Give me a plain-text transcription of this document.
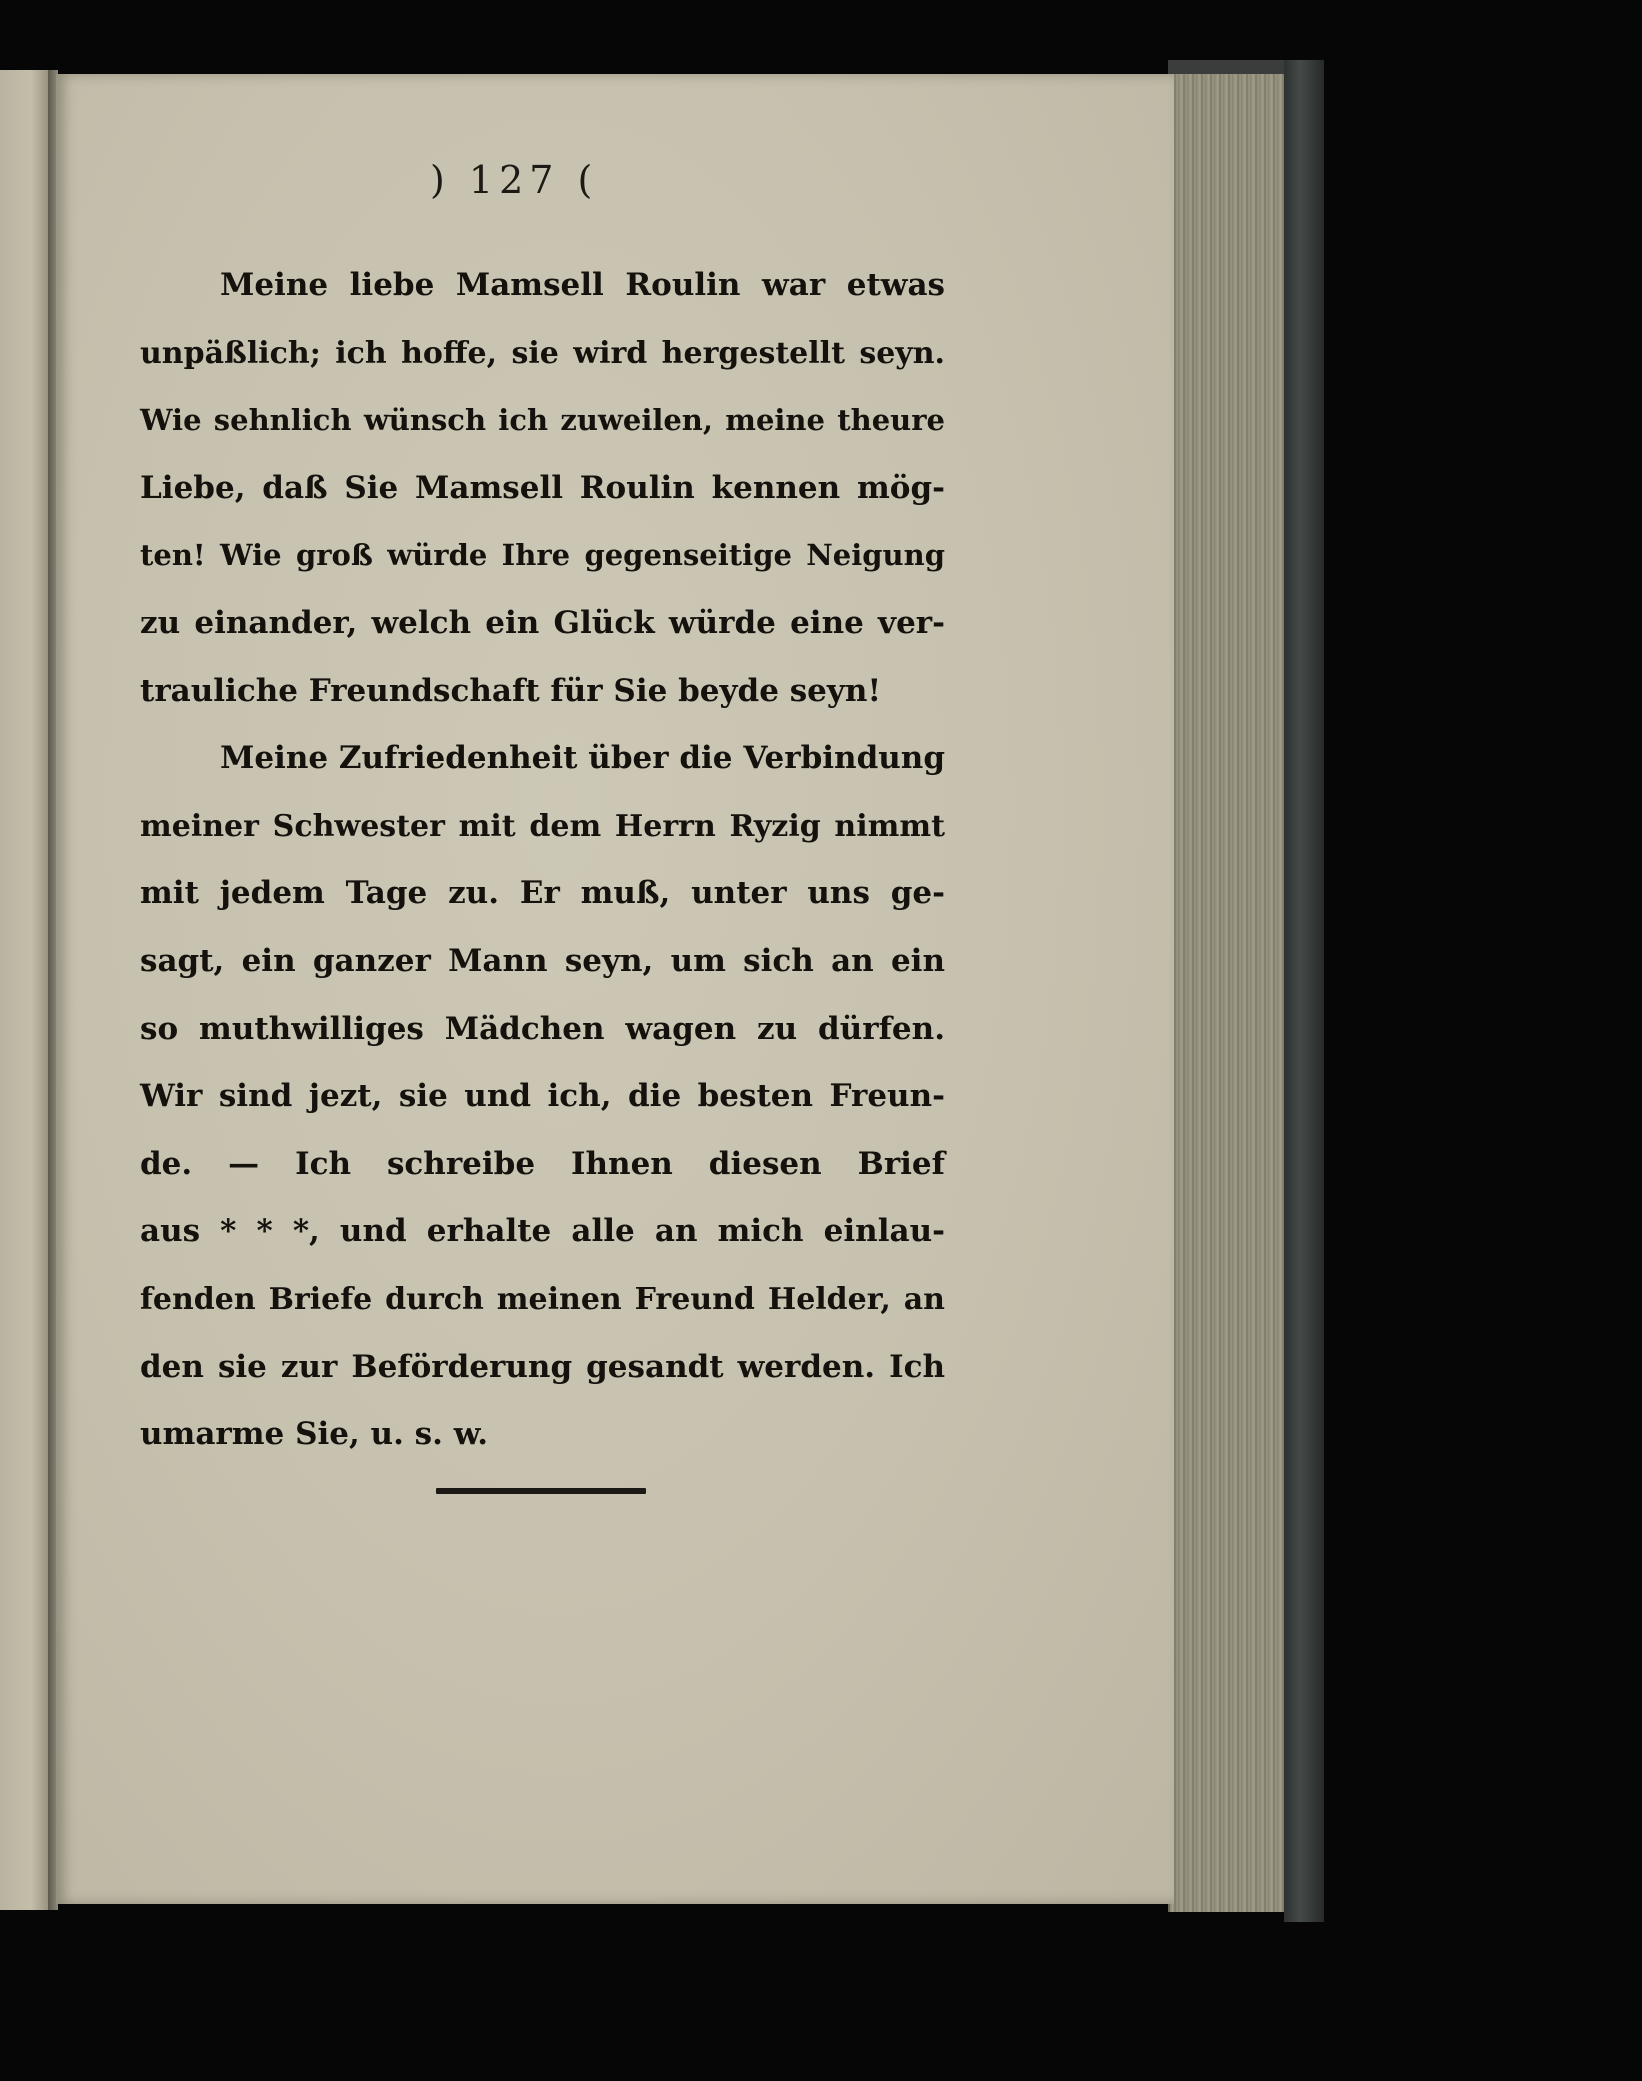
) 127 (
Meine liebe Mamsell Roulin war etwas
unpäßlich; ich hoffe, sie wird hergestellt seyn.
Wie sehnlich wünsch ich zuweilen, meine theure
Liebe, daß Sie Mamsell Roulin kennen mög-
ten! Wie groß würde Ihre gegenseitige Neigung
zu einander, welch ein Glück würde eine ver-
trauliche Freundschaft für Sie beyde seyn!
Meine Zufriedenheit über die Verbindung
meiner Schwester mit dem Herrn Ryzig nimmt
mit jedem Tage zu. Er muß, unter uns ge-
sagt, ein ganzer Mann seyn, um sich an ein
so muthwilliges Mädchen wagen zu dürfen.
Wir sind jezt, sie und ich, die besten Freun-
de. — Ich schreibe Ihnen diesen Brief
aus * * *, und erhalte alle an mich einlau-
fenden Briefe durch meinen Freund Helder, an
den sie zur Beförderung gesandt werden. Ich
umarme Sie, u. s. w.
